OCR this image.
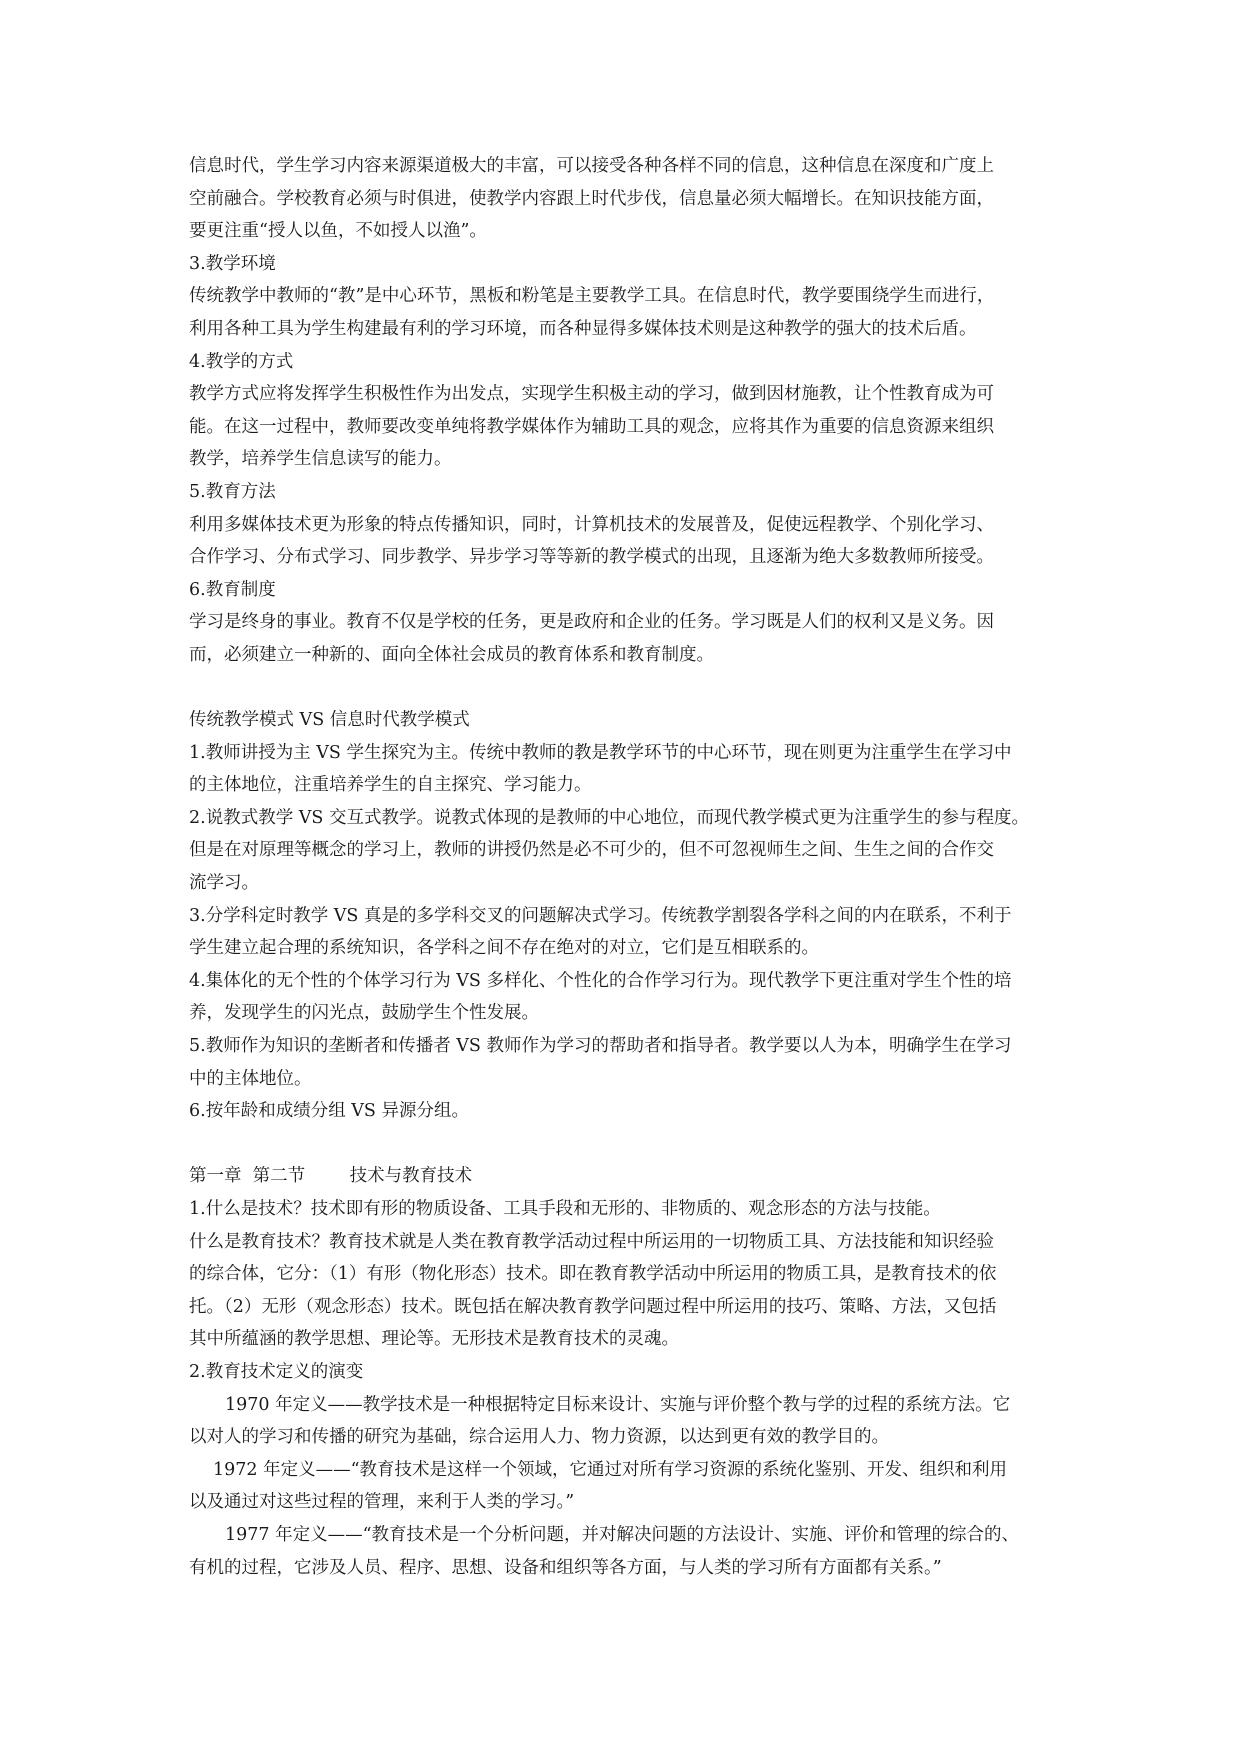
信息时代，学生学习内容来源渠道极大的丰富，可以接受各种各样不同的信息，这种信息在深度和广度上
空前融合。学校教育必须与时俱进，使教学内容跟上时代步伐，信息量必须大幅增长。在知识技能方面，
要更注重“授人以鱼，不如授人以渔”。
3.教学环境
传统教学中教师的“教”是中心环节，黑板和粉笔是主要教学工具。在信息时代，教学要围绕学生而进行，
利用各种工具为学生构建最有利的学习环境，而各种显得多媒体技术则是这种教学的强大的技术后盾。
4.教学的方式
教学方式应将发挥学生积极性作为出发点，实现学生积极主动的学习，做到因材施教，让个性教育成为可
能。在这一过程中，教师要改变单纯将教学媒体作为辅助工具的观念，应将其作为重要的信息资源来组织
教学，培养学生信息读写的能力。
5.教育方法
利用多媒体技术更为形象的特点传播知识，同时，计算机技术的发展普及，促使远程教学、个别化学习、
合作学习、分布式学习、同步教学、异步学习等等新的教学模式的出现，且逐渐为绝大多数教师所接受。
6.教育制度
学习是终身的事业。教育不仅是学校的任务，更是政府和企业的任务。学习既是人们的权利又是义务。因
而，必须建立一种新的、面向全体社会成员的教育体系和教育制度。
传统教学模式 VS 信息时代教学模式
1.教师讲授为主 VS 学生探究为主。传统中教师的教是教学环节的中心环节，现在则更为注重学生在学习中
的主体地位，注重培养学生的自主探究、学习能力。
2.说教式教学 VS 交互式教学。说教式体现的是教师的中心地位，而现代教学模式更为注重学生的参与程度。
但是在对原理等概念的学习上，教师的讲授仍然是必不可少的，但不可忽视师生之间、生生之间的合作交
流学习。
3.分学科定时教学 VS 真是的多学科交叉的问题解决式学习。传统教学割裂各学科之间的内在联系，不利于
学生建立起合理的系统知识，各学科之间不存在绝对的对立，它们是互相联系的。
4.集体化的无个性的个体学习行为 VS 多样化、个性化的合作学习行为。现代教学下更注重对学生个性的培
养，发现学生的闪光点，鼓励学生个性发展。
5.教师作为知识的垄断者和传播者 VS 教师作为学习的帮助者和指导者。教学要以人为本，明确学生在学习
中的主体地位。
6.按年龄和成绩分组 VS 异源分组。
第一章  第二节        技术与教育技术
1.什么是技术？技术即有形的物质设备、工具手段和无形的、非物质的、观念形态的方法与技能。
什么是教育技术？教育技术就是人类在教育教学活动过程中所运用的一切物质工具、方法技能和知识经验
的综合体，它分：（1）有形（物化形态）技术。即在教育教学活动中所运用的物质工具，是教育技术的依
托。（2）无形（观念形态）技术。既包括在解决教育教学问题过程中所运用的技巧、策略、方法，又包括
其中所蕴涵的教学思想、理论等。无形技术是教育技术的灵魂。
2.教育技术定义的演变
1970 年定义——教学技术是一种根据特定目标来设计、实施与评价整个教与学的过程的系统方法。它
以对人的学习和传播的研究为基础，综合运用人力、物力资源，以达到更有效的教学目的。
1972 年定义——“教育技术是这样一个领域，它通过对所有学习资源的系统化鉴别、开发、组织和利用
以及通过对这些过程的管理，来利于人类的学习。”
1977 年定义——“教育技术是一个分析问题，并对解决问题的方法设计、实施、评价和管理的综合的、
有机的过程，它涉及人员、程序、思想、设备和组织等各方面，与人类的学习所有方面都有关系。”
